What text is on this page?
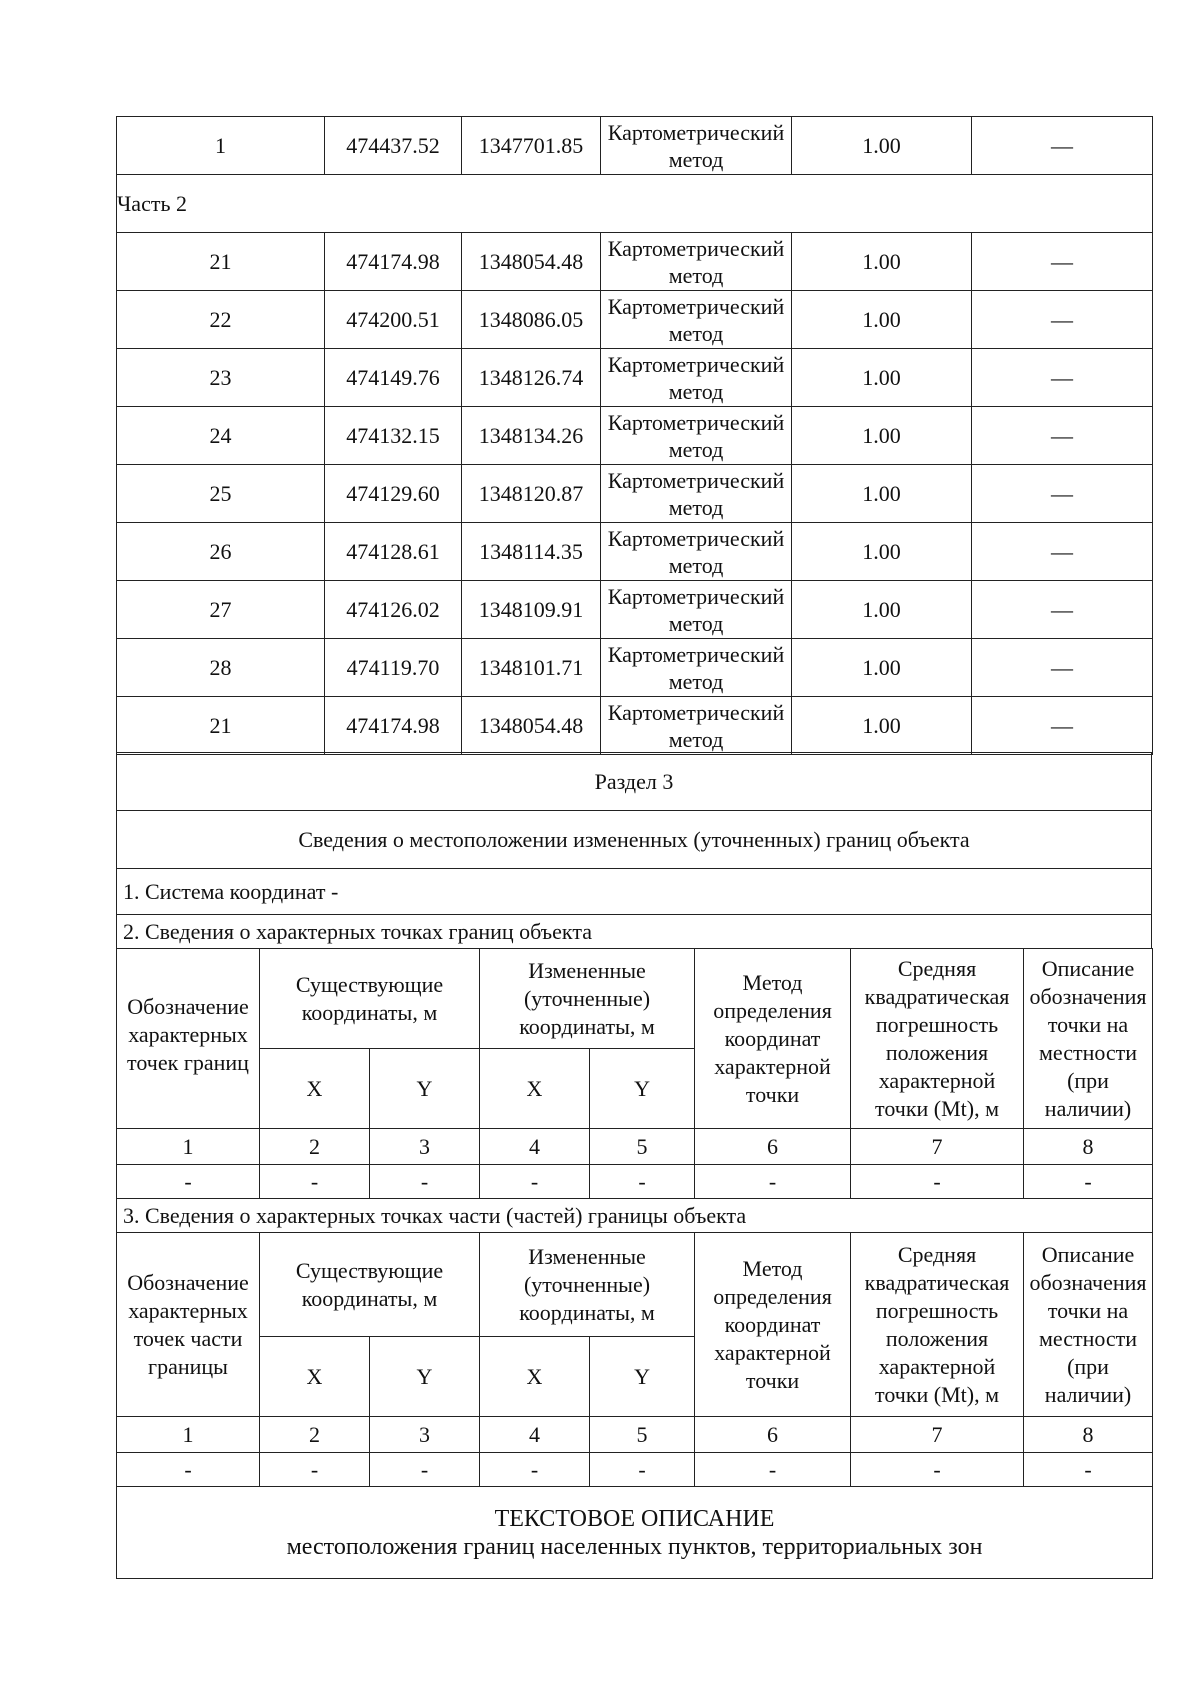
1	474437.52	1347701.85	Картометрический метод	1.00	—
Часть 2					
21	474174.98	1348054.48	Картометрический метод	1.00	—
22	474200.51	1348086.05	Картометрический метод	1.00	—
23	474149.76	1348126.74	Картометрический метод	1.00	—
24	474132.15	1348134.26	Картометрический метод	1.00	—
25	474129.60	1348120.87	Картометрический метод	1.00	—
26	474128.61	1348114.35	Картометрический метод	1.00	—
27	474126.02	1348109.91	Картометрический метод	1.00	—
28	474119.70	1348101.71	Картометрический метод	1.00	—
21	474174.98	1348054.48	Картометрический метод	1.00	—
Раздел 3
Сведения о местоположении измененных (уточненных) границ объекта
1. Система координат -
2. Сведения о характерных точках границ объекта
Обозначение характерных точек границ	Существующие координаты, м		Измененные (уточненные) координаты, м		Метод определения координат характерной точки	Средняя квадратическая погрешность положения характерной точки (Mt), м	Описание обозначения точки на местности (при наличии)
	X	Y	X	Y			
1	2	3	4	5	6	7	8
-	-	-	-	-	-	-	-
3. Сведения о характерных точках части (частей) границы объекта							
Обозначение характерных точек части границы	Существующие координаты, м		Измененные (уточненные) координаты, м		Метод определения координат характерной точки	Средняя квадратическая погрешность положения характерной точки (Mt), м	Описание обозначения точки на местности (при наличии)
	X	Y	X	Y			
1	2	3	4	5	6	7	8
-	-	-	-	-	-	-	-

ТЕКСТОВОЕ ОПИСАНИЕ
местоположения границ населенных пунктов, территориальных зон							
